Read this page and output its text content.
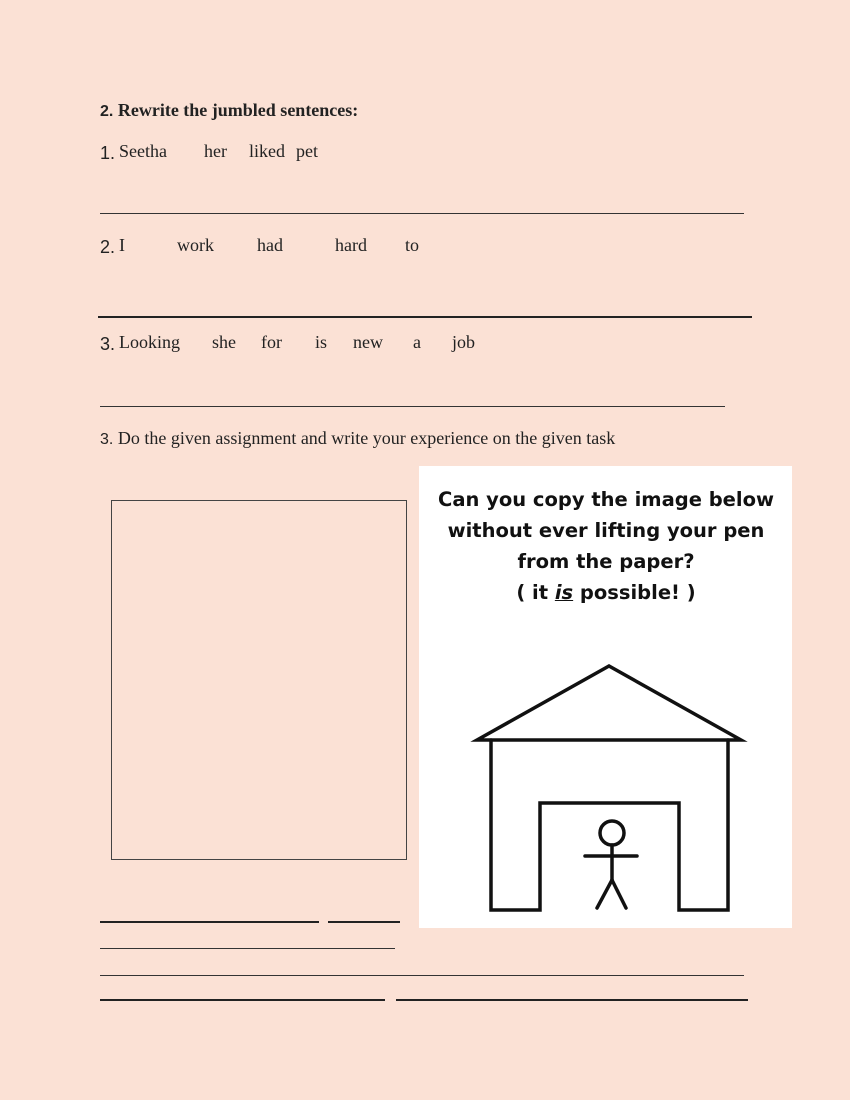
2. Rewrite the jumbled sentences:
1. Seetha her liked pet
2. I	work had	hard to
3. Looking she for is new a job
3. Do the given assignment and write your experience on the given task
Can you copy the image below
without ever lifting your pen
from the paper?
( it is possible! )
